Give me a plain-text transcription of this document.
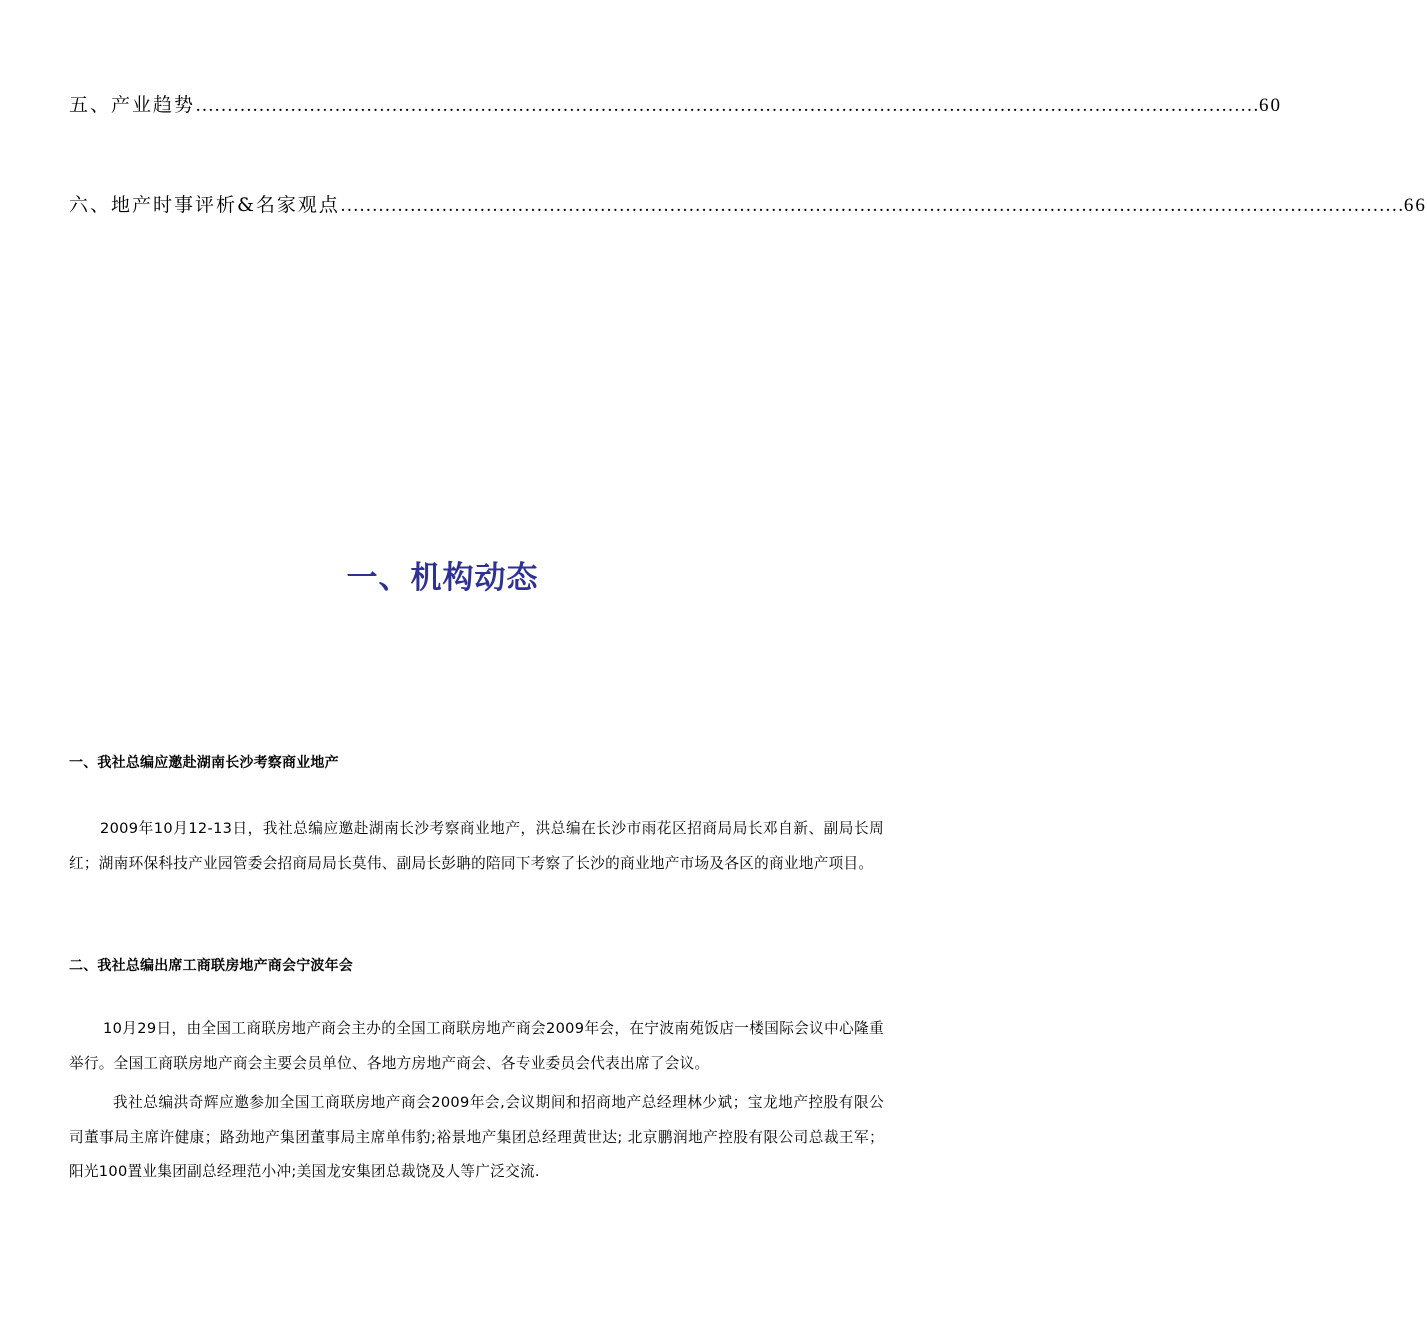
五、产业趋势 …………………………………………………………………………………………………………………………………………………… 60
六、地产时事评析&名家观点 …………………………………………………………………………………………………………………………………………………… 66
一、机构动态
一、我社总编应邀赴湖南长沙考察商业地产
2009年10月12-13日，我社总编应邀赴湖南长沙考察商业地产，洪总编在长沙市雨花区招商局局长邓自新、副局长周红；湖南环保科技产业园管委会招商局局长莫伟、副局长彭聃的陪同下考察了长沙的商业地产市场及各区的商业地产项目。
二、我社总编出席工商联房地产商会宁波年会
10月29日，由全国工商联房地产商会主办的全国工商联房地产商会2009年会，在宁波南苑饭店一楼国际会议中心隆重举行。全国工商联房地产商会主要会员单位、各地方房地产商会、各专业委员会代表出席了会议。
我社总编洪奇辉应邀参加全国工商联房地产商会2009年会,会议期间和招商地产总经理林少斌；宝龙地产控股有限公司董事局主席许健康；路劲地产集团董事局主席单伟豹;裕景地产集团总经理黄世达; 北京鹏润地产控股有限公司总裁王军；阳光100置业集团副总经理范小冲;美国龙安集团总裁饶及人等广泛交流.
